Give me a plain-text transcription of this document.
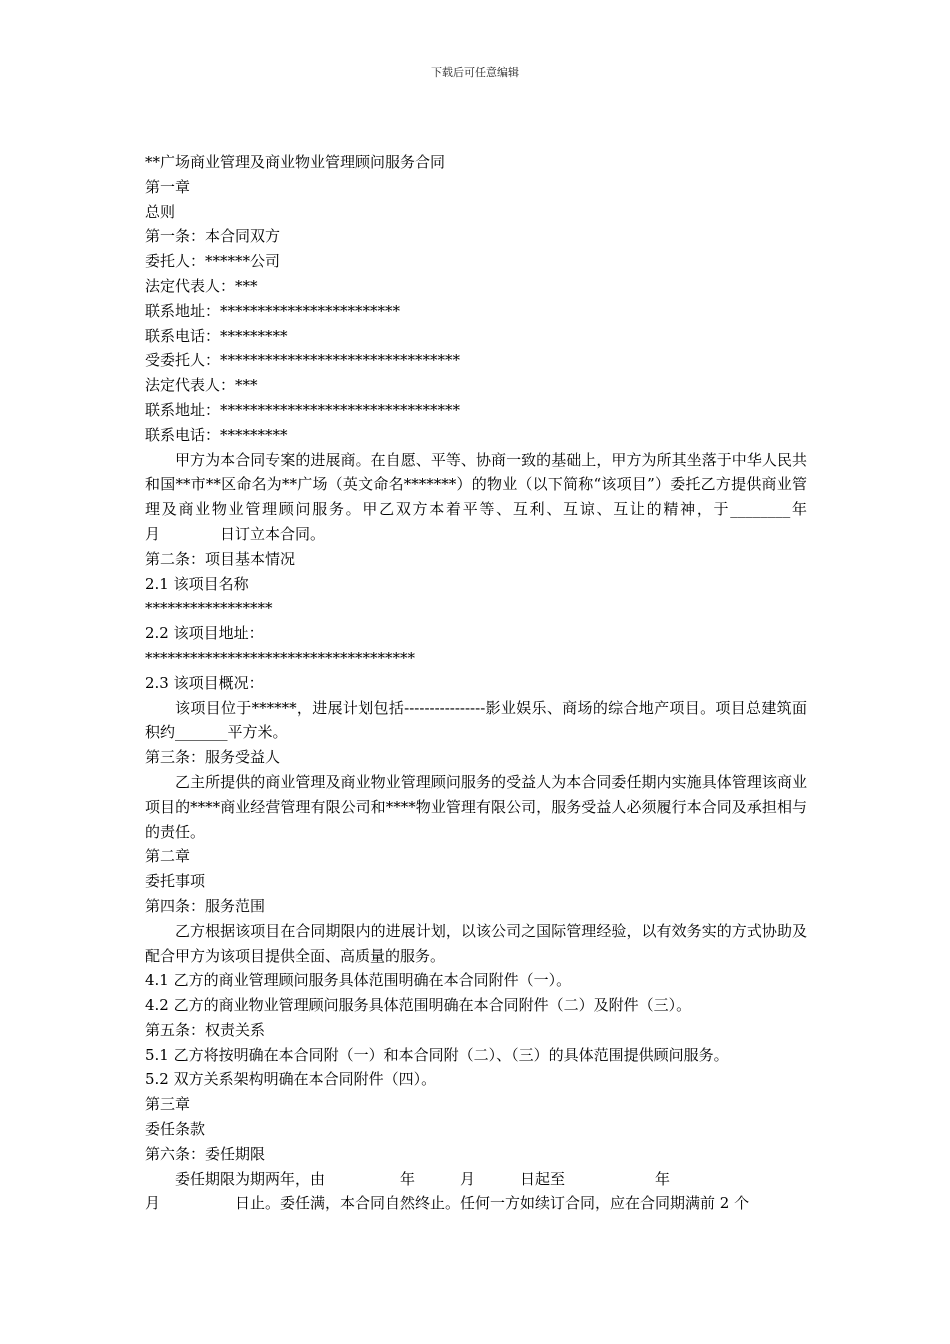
下载后可任意编辑
**广场商业管理及商业物业管理顾问服务合同
第一章
总则
第一条：本合同双方
委托人：******公司
法定代表人：***
联系地址：************************
联系电话：*********
受委托人：********************************
法定代表人：***
联系地址：********************************
联系电话：*********
甲方为本合同专案的进展商。在自愿、平等、协商一致的基础上，甲方为所其坐落于中华人民共和国**市**区命名为**广场（英文命名*******）的物业（以下简称“该项目”）委托乙方提供商业管理及商业物业管理顾问服务。甲乙双方本着平等、互利、互谅、互让的精神，于________年　　　　月　　　　日订立本合同。
第二条：项目基本情况
2.1 该项目名称
*****************
2.2 该项目地址：
************************************
2.3 该项目概况：
该项目位于******，进展计划包括----------------影业娱乐、商场的综合地产项目。项目总建筑面积约_______平方米。
第三条：服务受益人
乙主所提供的商业管理及商业物业管理顾问服务的受益人为本合同委任期内实施具体管理该商业项目的****商业经营管理有限公司和****物业管理有限公司，服务受益人必须履行本合同及承担相与的责任。
第二章
委托事项
第四条：服务范围
乙方根据该项目在合同期限内的进展计划，以该公司之国际管理经验，以有效务实的方式协助及配合甲方为该项目提供全面、高质量的服务。
4.1 乙方的商业管理顾问服务具体范围明确在本合同附件（一）。
4.2 乙方的商业物业管理顾问服务具体范围明确在本合同附件（二）及附件（三）。
第五条：权责关系
5.1 乙方将按明确在本合同附（一）和本合同附（二）、（三）的具体范围提供顾问服务。
5.2 双方关系架构明确在本合同附件（四）。
第三章
委任条款
第六条：委任期限
委任期限为期两年，由　　　　　年　　　月　　　日起至　　　　　　年
月　　　　　日止。委任满，本合同自然终止。任何一方如续订合同，应在合同期满前 2 个
